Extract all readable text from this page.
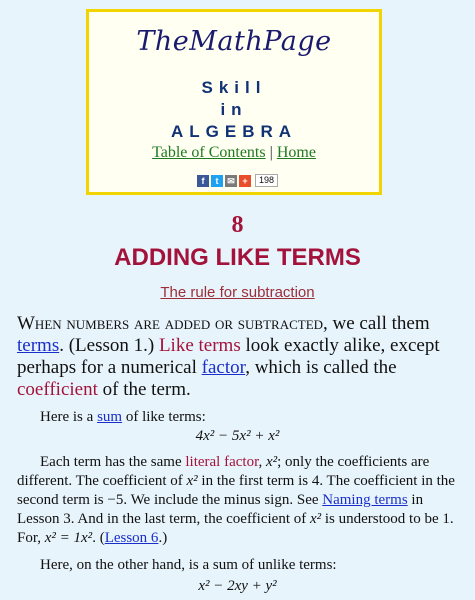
TheMathPage
Skill
in
ALGEBRA
Table of Contents | Home
f	t ✉ +	198
8
ADDING LIKE TERMS
The rule for subtraction
When numbers are added or subtracted, we call them terms. (Lesson 1.) Like terms look exactly alike, except perhaps for a numerical factor, which is called the coefficient of the term.
Here is a sum of like terms:
4x² − 5x² + x²
Each term has the same literal factor, x²; only the coefficients are different. The coefficient of x² in the first term is 4. The coefficient in the second term is −5. We include the minus sign. See Naming terms in Lesson 3. And in the last term, the coefficient of x² is understood to be 1. For, x² = 1x². (Lesson 6.)
Here, on the other hand, is a sum of unlike terms:
x² − 2xy + y²
